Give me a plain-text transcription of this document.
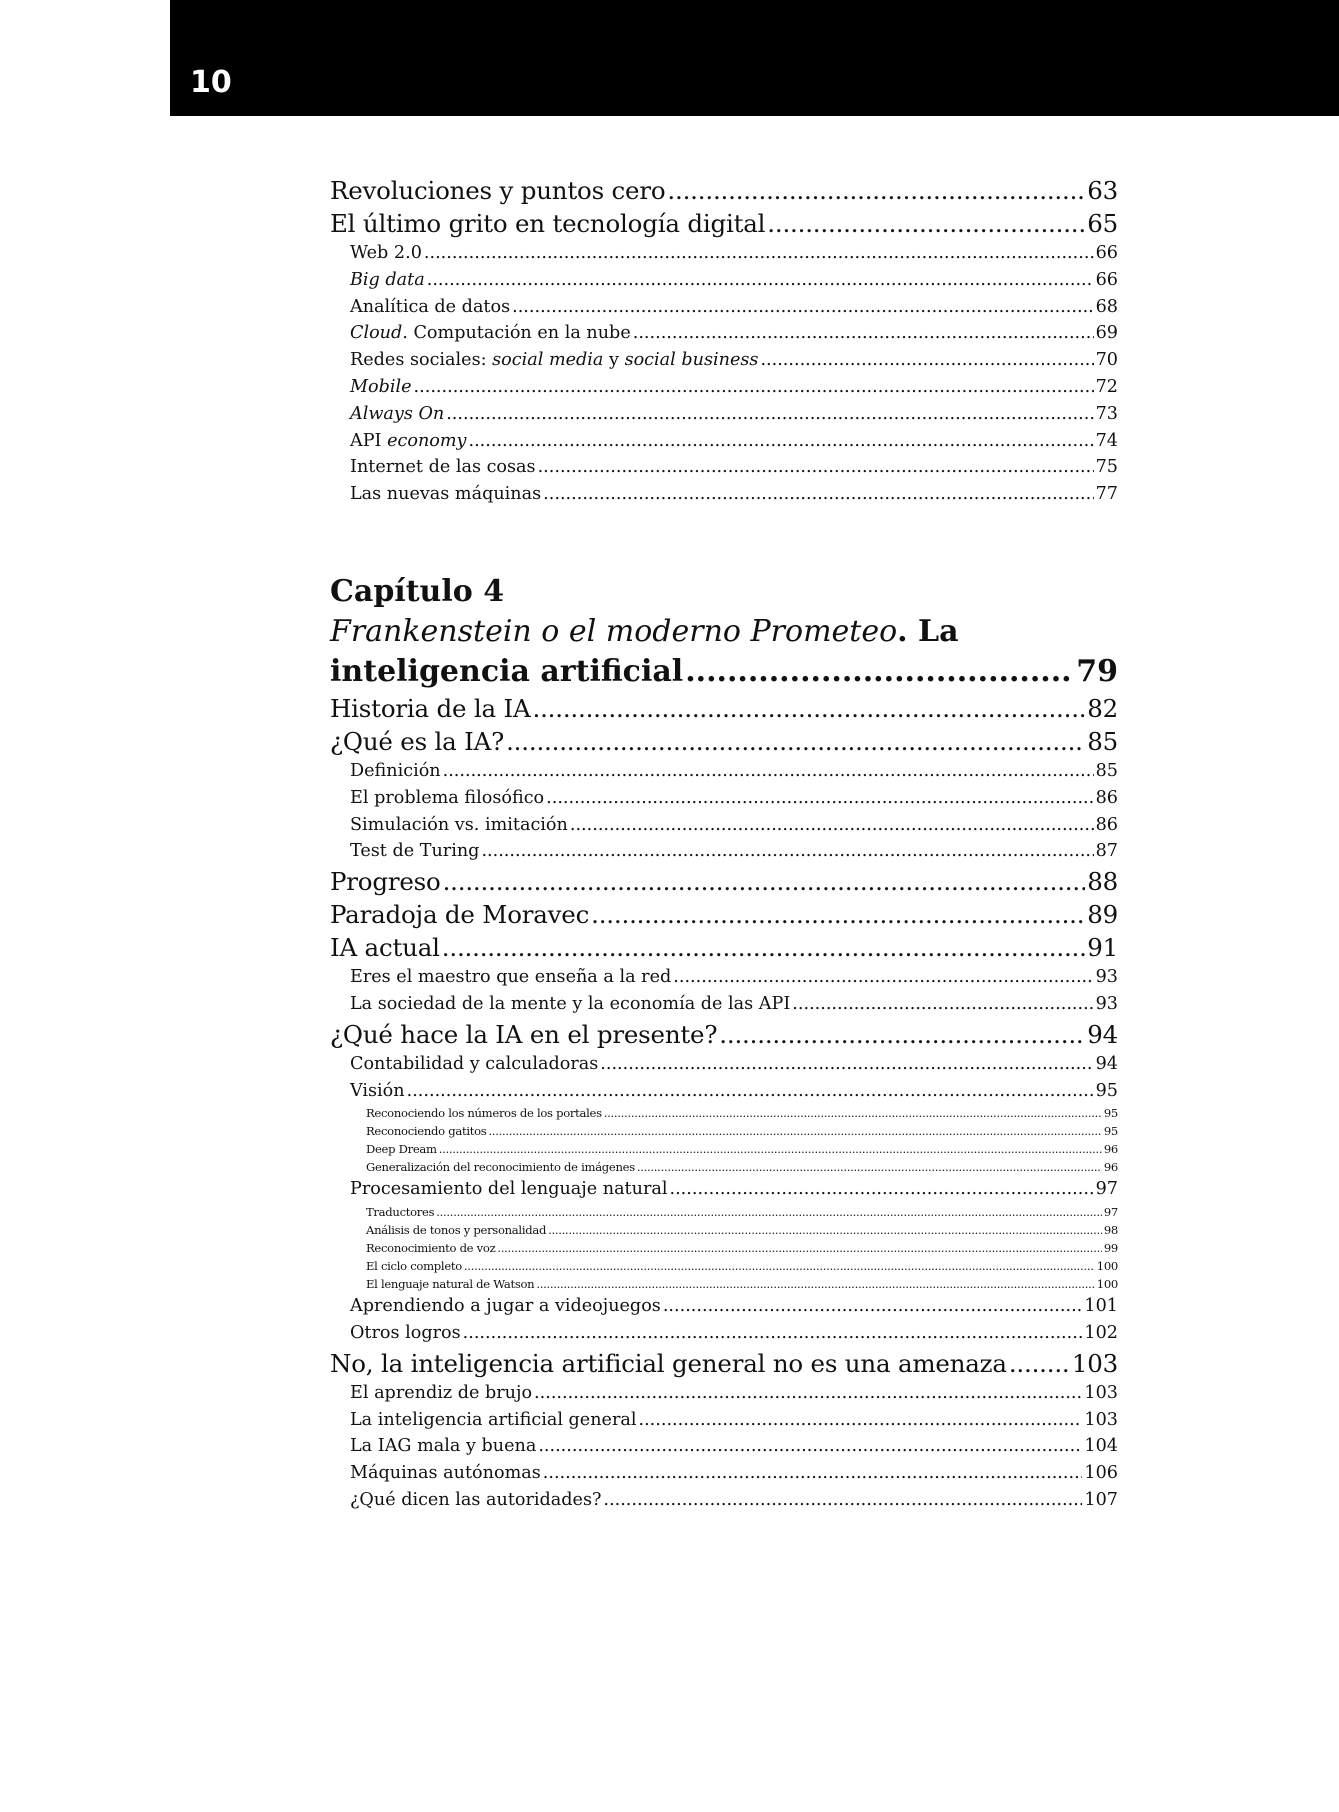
10
Revoluciones y puntos cero .....	63
El último grito en tecnología digital .....	65
Web 2.0 .....	66
Big data .....	66
Analítica de datos .....	68
Cloud. Computación en la nube .....	69
Redes sociales: social media y social business .....	70
Mobile .....	72
Always On .....	73
API economy .....	74
Internet de las cosas .....	75
Las nuevas máquinas .....	77
Capítulo 4
Frankenstein o el moderno Prometeo. La
inteligencia artificial .....	79
Historia de la IA .....	82
¿Qué es la IA? .....	85
Definición .....	85
El problema filosófico .....	86
Simulación vs. imitación .....	86
Test de Turing .....	87
Progreso .....	88
Paradoja de Moravec .....	89
IA actual .....	91
Eres el maestro que enseña a la red .....	93
La sociedad de la mente y la economía de las API .....	93
¿Qué hace la IA en el presente? .....	94
Contabilidad y calculadoras .....	94
Visión .....	95
Reconociendo los números de los portales .....	95
Reconociendo gatitos .....	95
Deep Dream .....	96
Generalización del reconocimiento de imágenes .....	96
Procesamiento del lenguaje natural .....	97
Traductores .....	97
Análisis de tonos y personalidad .....	98
Reconocimiento de voz .....	99
El ciclo completo .....	100
El lenguaje natural de Watson .....	100
Aprendiendo a jugar a videojuegos .....	101
Otros logros .....	102
No, la inteligencia artificial general no es una amenaza .....	103
El aprendiz de brujo .....	103
La inteligencia artificial general .....	103
La IAG mala y buena .....	104
Máquinas autónomas .....	106
¿Qué dicen las autoridades? .....	107
